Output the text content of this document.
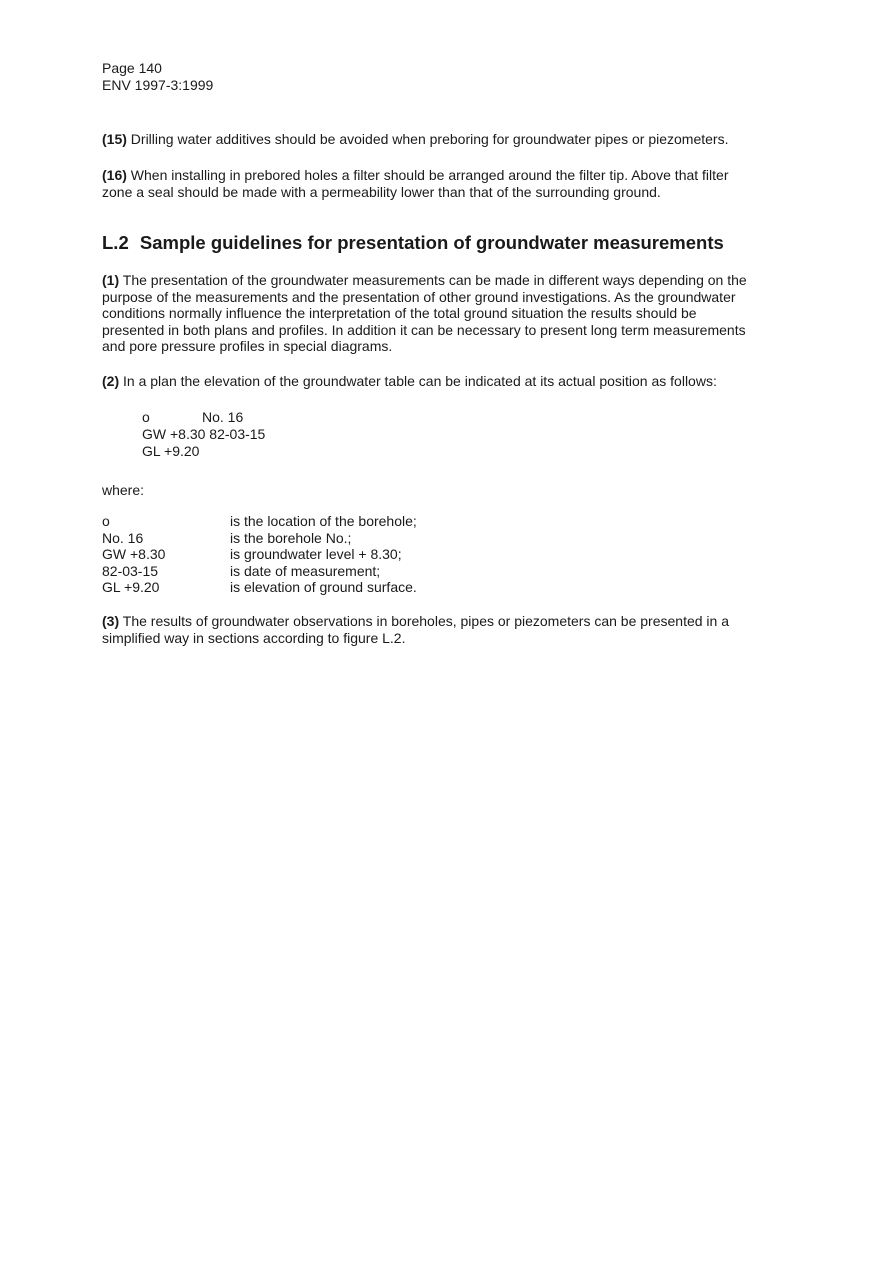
Page 140
ENV 1997-3:1999

(15) Drilling water additives should be avoided when preboring for groundwater pipes or piezometers.

(16) When installing in prebored holes a filter should be arranged around the filter tip. Above that filter zone a seal should be made with a permeability lower than that of the surrounding ground.

L.2 Sample guidelines for presentation of groundwater measurements

(1) The presentation of the groundwater measurements can be made in different ways depending on the purpose of the measurements and the presentation of other ground investigations. As the groundwater conditions normally influence the interpretation of the total ground situation the results should be presented in both plans and profiles. In addition it can be necessary to present long term measurements and pore pressure profiles in special diagrams.

(2) In a plan the elevation of the groundwater table can be indicated at its actual position as follows:

o	No. 16
GW +8.30 82-03-15
GL +9.20
where:
o	is the location of the borehole;
No. 16	is the borehole No.;
GW +8.30	is groundwater level + 8.30;
82-03-15	is date of measurement;
GL +9.20	is elevation of ground surface.

(3) The results of groundwater observations in boreholes, pipes or piezometers can be presented in a simplified way in sections according to figure L.2.
